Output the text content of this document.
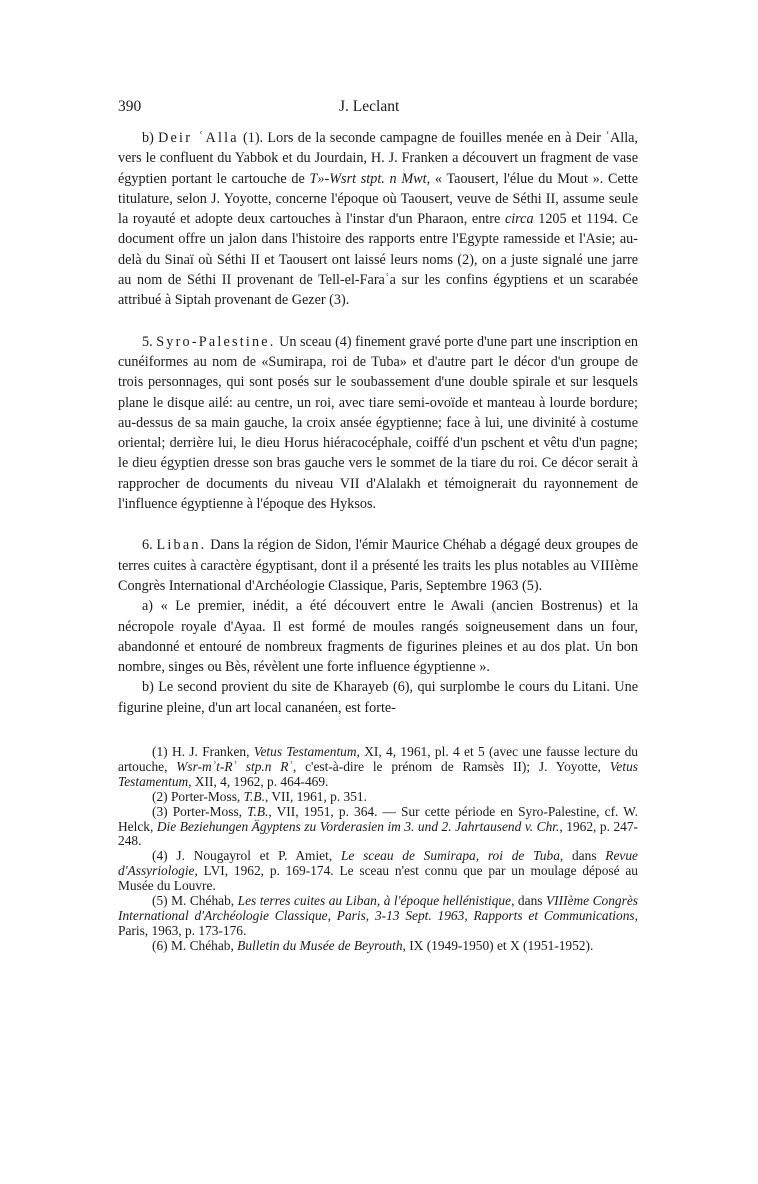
390	J. Leclant

b) Deir ʿAlla (1). Lors de la seconde campagne de fouilles menée en à Deir ʿAlla, vers le confluent du Yabbok et du Jourdain, H. J. Franken a découvert un fragment de vase égyptien portant le cartouche de T»-Wsrt stpt. n Mwt, « Taousert, l'élue du Mout ». Cette titulature, selon J. Yoyotte, concerne l'époque où Taousert, veuve de Séthi II, assume seule la royauté et adopte deux cartouches à l'instar d'un Pharaon, entre circa 1205 et 1194. Ce document offre un jalon dans l'histoire des rapports entre l'Egypte ramesside et l'Asie; au-delà du Sinaï où Séthi II et Taousert ont laissé leurs noms (2), on a juste signalé une jarre au nom de Séthi II provenant de Tell-el-Faraʿa sur les confins égyptiens et un scarabée attribué à Siptah provenant de Gezer (3).

5. Syro-Palestine. Un sceau (4) finement gravé porte d'une part une inscription en cunéiformes au nom de «Sumirapa, roi de Tuba» et d'autre part le décor d'un groupe de trois personnages, qui sont posés sur le soubassement d'une double spirale et sur lesquels plane le disque ailé: au centre, un roi, avec tiare semi-ovoïde et manteau à lourde bordure; au-dessus de sa main gauche, la croix ansée égyptienne; face à lui, une divinité à costume oriental; derrière lui, le dieu Horus hiéracocéphale, coiffé d'un pschent et vêtu d'un pagne; le dieu égyptien dresse son bras gauche vers le sommet de la tiare du roi. Ce décor serait à rapprocher de documents du niveau VII d'Alalakh et témoignerait du rayonnement de l'influence égyptienne à l'époque des Hyksos.

6. Liban. Dans la région de Sidon, l'émir Maurice Chéhab a dégagé deux groupes de terres cuites à caractère égyptisant, dont il a présenté les traits les plus notables au VIIIème Congrès International d'Archéologie Classique, Paris, Septembre 1963 (5).

a) « Le premier, inédit, a été découvert entre le Awali (ancien Bostrenus) et la nécropole royale d'Ayaa. Il est formé de moules rangés soigneusement dans un four, abandonné et entouré de nombreux fragments de figurines pleines et au dos plat. Un bon nombre, singes ou Bès, révèlent une forte influence égyptienne ».

b) Le second provient du site de Kharayeb (6), qui surplombe le cours du Litani. Une figurine pleine, d'un art local cananéen, est forte-

(1) H. J. Franken, Vetus Testamentum, XI, 4, 1961, pl. 4 et 5 (avec une fausse lecture du artouche, Wsr-mʾt-Rʿ stp.n Rʿ, c'est-à-dire le prénom de Ramsès II); J. Yoyotte, Vetus Testamentum, XII, 4, 1962, p. 464-469.

(2) Porter-Moss, T.B., VII, 1961, p. 351.

(3) Porter-Moss, T.B., VII, 1951, p. 364. — Sur cette période en Syro-Palestine, cf. W. Helck, Die Beziehungen Ägyptens zu Vorderasien im 3. und 2. Jahrtausend v. Chr., 1962, p. 247-248.

(4) J. Nougayrol et P. Amiet, Le sceau de Sumirapa, roi de Tuba, dans Revue d'Assyriologie, LVI, 1962, p. 169-174. Le sceau n'est connu que par un moulage déposé au Musée du Louvre.

(5) M. Chéhab, Les terres cuites au Liban, à l'époque hellénistique, dans VIIIème Congrès International d'Archéologie Classique, Paris, 3-13 Sept. 1963, Rapports et Communications, Paris, 1963, p. 173-176.

(6) M. Chéhab, Bulletin du Musée de Beyrouth, IX (1949-1950) et X (1951-1952).
